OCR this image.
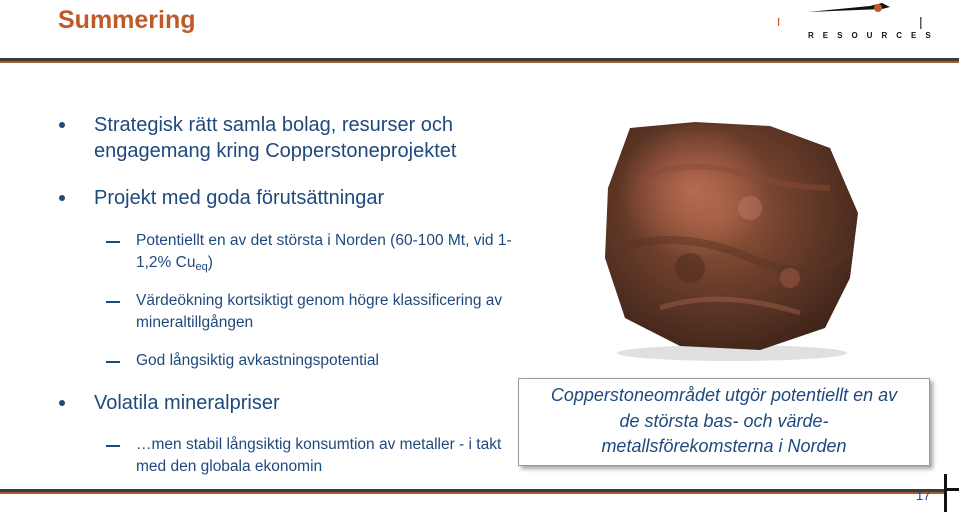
Summering
RESOURCES
Strategisk rätt samla bolag, resurser och engagemang kring Copperstoneprojektet
Projekt med goda förutsättningar
Potentiellt en av det största i Norden (60-100 Mt, vid 1-1,2% $Cu_{eq}$)
Värdeökning kortsiktigt genom högre klassificering av mineraltillgången
God långsiktig avkastningspotential
Volatila mineralpriser
…men stabil långsiktig konsumtion av metaller - i takt med den globala ekonomin
Copperstoneområdet utgör potentiellt en av
de största bas- och värde-
metallsförekomsterna i Norden
17
